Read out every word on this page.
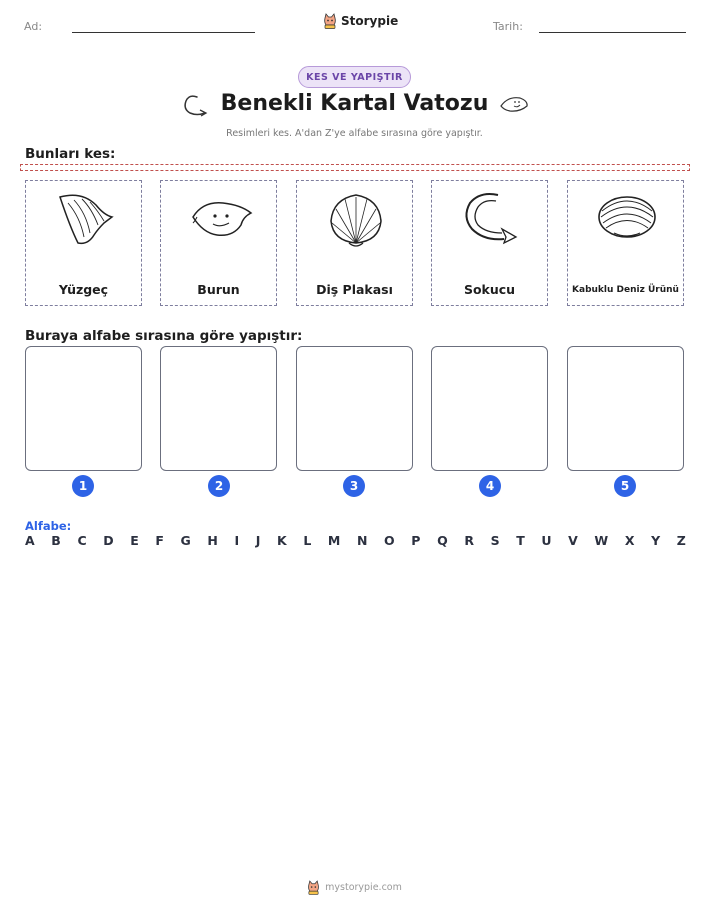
Ad:	Storypie	Tarih:
KES VE YAPIŞTIR
Benekli Kartal Vatozu
Resimleri kes. A'dan Z'ye alfabe sırasına göre yapıştır.
Bunları kes:
Yüzgeç	Burun	Diş Plakası	Sokucu	Kabuklu Deniz Ürünü
Buraya alfabe sırasına göre yapıştır:
1	2	3	4	5
Alfabe:
A B C D E F G H I J K L M N O P Q R S T U V W X Y Z
mystorypie.com
